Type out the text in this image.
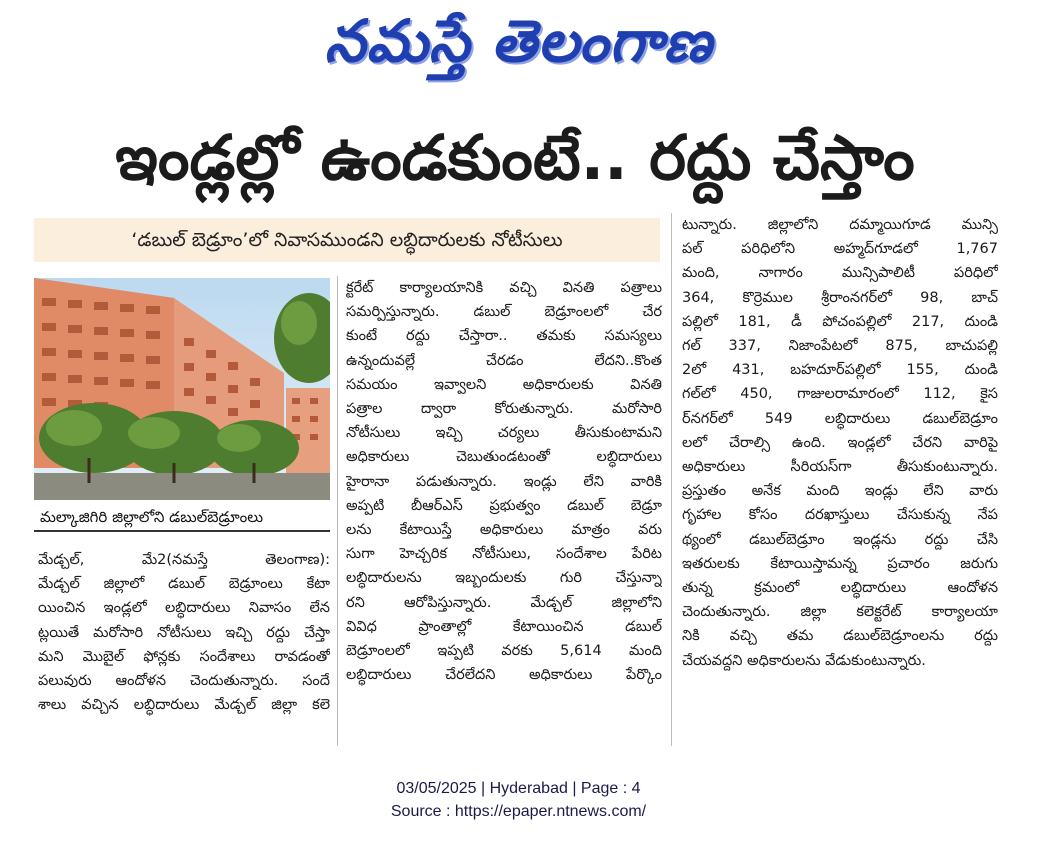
నమస్తే తెలంగాణ
ఇండ్లల్లో ఉండకుంటే.. రద్దు చేస్తాం
‘డబుల్ బెడ్రూం’లో నివాసముండని లబ్ధిదారులకు నోటీసులు
మల్కాజిగిరి జిల్లాలోని డబుల్‌బెడ్రూంలు

మేడ్చల్, మే2(నమస్తే తెలంగాణ):

మేడ్చల్ జిల్లాలో డబుల్ బెడ్రూంలు కేటా

యించిన ఇండ్లలో లబ్ధిదారులు నివాసం లేన

ట్లయితే మరోసారి నోటీసులు ఇచ్చి రద్దు చేస్తా

మని మొబైల్ ఫోన్లకు సందేశాలు రావడంతో

పలువురు ఆందోళన చెందుతున్నారు. సందే

శాలు వచ్చిన లబ్ధిదారులు మేడ్చల్ జిల్లా కలె

క్టరేట్ కార్యాలయానికి వచ్చి వినతి పత్రాలు

సమర్పిస్తున్నారు. డబుల్ బెడ్రూంలలో చేర

కుంటే రద్దు చేస్తారా.. తమకు సమస్యలు

ఉన్నందువల్లే చేరడం లేదని..కొంత

సమయం ఇవ్వాలని అధికారులకు వినతి

పత్రాల ద్వారా కోరుతున్నారు. మరోసారి

నోటీసులు ఇచ్చి చర్యలు తీసుకుంటామని

అధికారులు చెబుతుండటంతో లబ్ధిదారులు

హైరానా పడుతున్నారు. ఇండ్లు లేని వారికి

అప్పటి బీఆర్ఎస్ ప్రభుత్వం డబుల్ బెడ్రూ

లను కేటాయిస్తే అధికారులు మాత్రం వరు

సుగా హెచ్చరిక నోటీసులు, సందేశాల పేరిట

లబ్ధిదారులను ఇబ్బందులకు గురి చేస్తున్నా

రని ఆరోపిస్తున్నారు. మేడ్చల్ జిల్లాలోని

వివిధ ప్రాంతాల్లో కేటాయించిన డబుల్

బెడ్రూంలలో ఇప్పటి వరకు 5,614 మంది

లబ్ధిదారులు చేరలేదని అధికారులు పేర్కొం

టున్నారు. జిల్లాలోని దమ్మాయిగూడ మున్సి

పల్ పరిధిలోని అహ్మద్‌గూడలో 1,767

మంది, నాగారం మున్సిపాలిటీ పరిధిలో

364, కొర్రెముల శ్రీరాంనగర్‌లో 98, బాచ్

పల్లిలో 181, డీ పోచంపల్లిలో 217, దుండి

గల్ 337, నిజాంపేటలో 875, బాచుపల్లి

2లో 431, బహదూర్‌పల్లిలో 155, దుండి

గల్‌లో 450, గాజులరామారంలో 112, కైస

ర్‌నగర్‌లో 549 లబ్ధిదారులు డబుల్‌బెడ్రూం

లలో చేరాల్సి ఉంది. ఇండ్లలో చేరని వారిపై

అధికారులు సీరియస్‌గా తీసుకుంటున్నారు.

ప్రస్తుతం అనేక మంది ఇండ్లు లేని వారు

గృహాల కోసం దరఖాస్తులు చేసుకున్న నేప

థ్యంలో డబుల్‌బెడ్రూం ఇండ్లను రద్దు చేసి

ఇతరులకు కేటాయిస్తామన్న ప్రచారం జరుగు

తున్న క్రమంలో లబ్ధిదారులు ఆందోళన

చెందుతున్నారు. జిల్లా కలెక్టరేట్ కార్యాలయా

నికి వచ్చి తమ డబుల్‌బెడ్రూంలను రద్దు

చేయవద్దని అధికారులను వేడుకుంటున్నారు.

03/05/2025 | Hyderabad | Page : 4
Source : https://epaper.ntnews.com/
